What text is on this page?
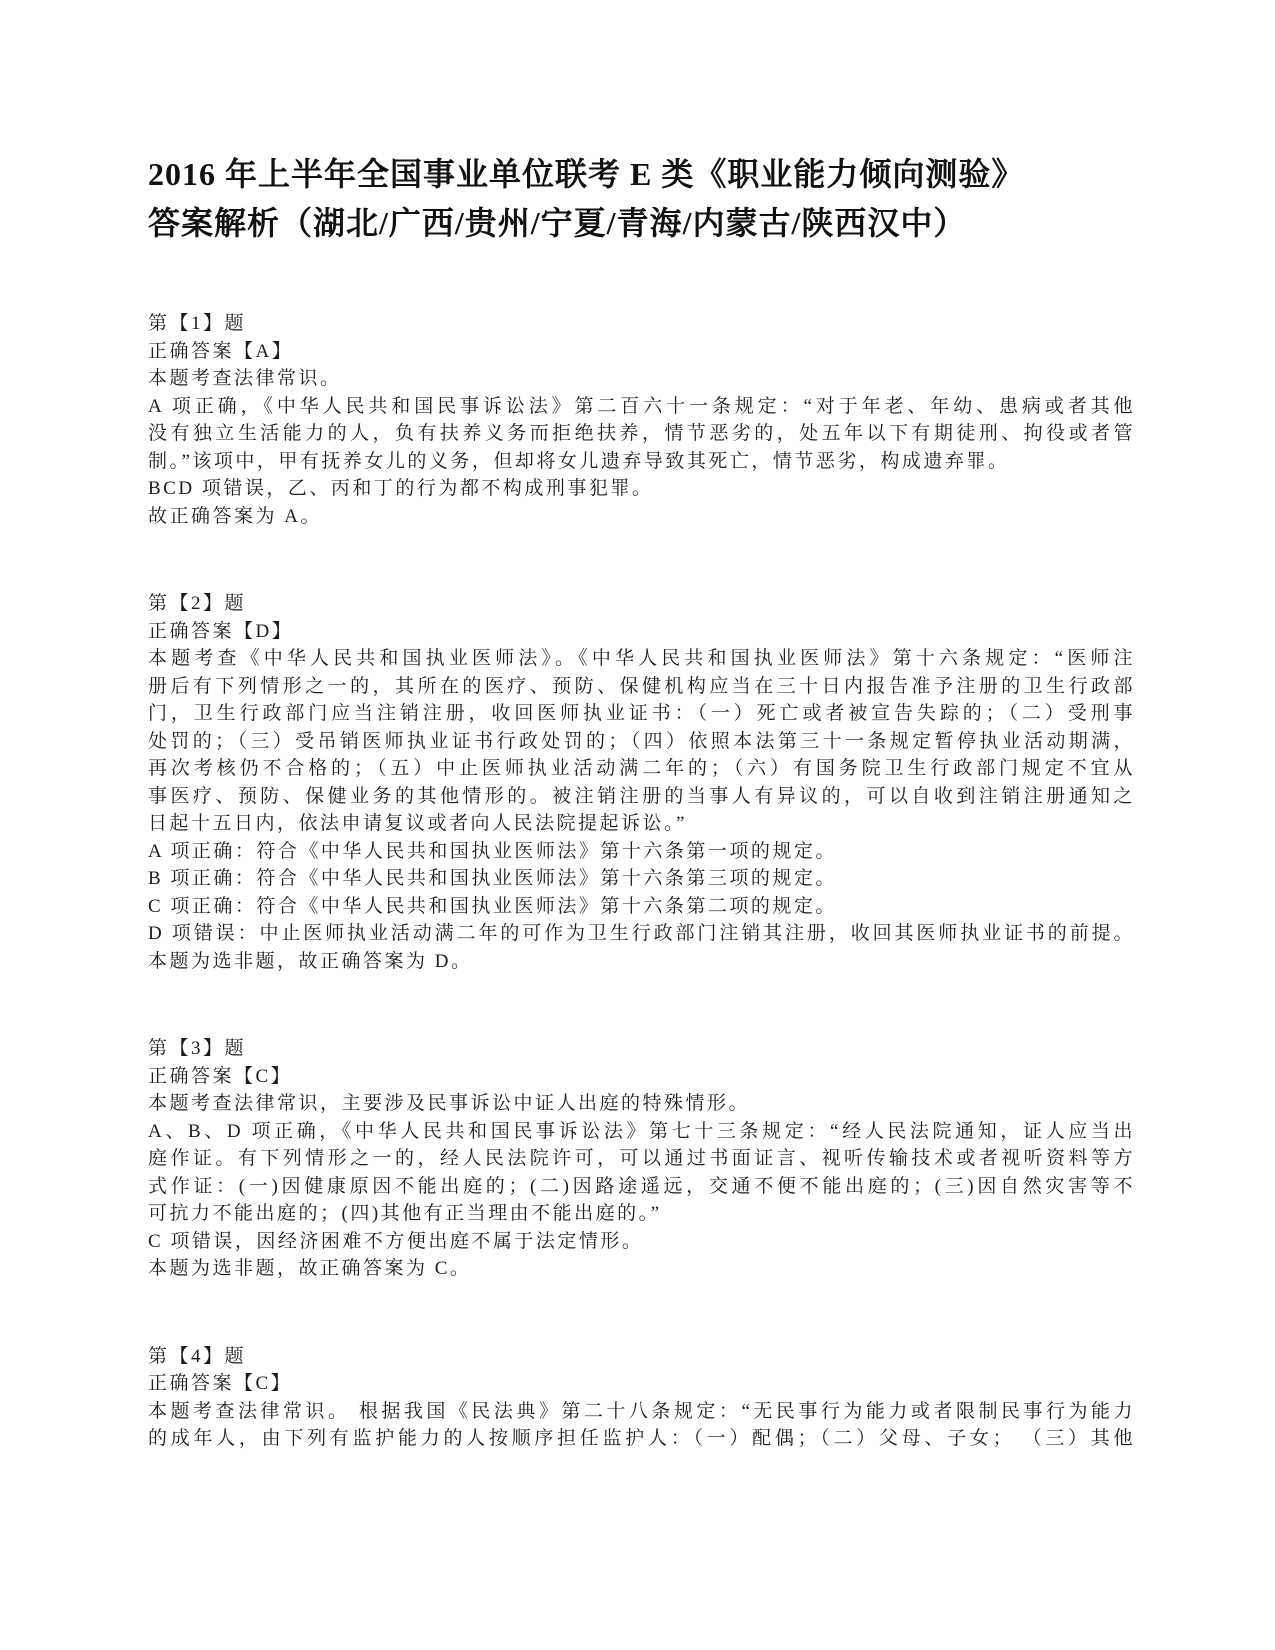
2016 年上半年全国事业单位联考 E 类《职业能力倾向测验》
答案解析（湖北/广西/贵州/宁夏/青海/内蒙古/陕西汉中）
第【1】题
正确答案【A】
本题考查法律常识。
A 项正确，《中华人民共和国民事诉讼法》第二百六十一条规定：“对于年老、年幼、患病或者其他
没有独立生活能力的人，负有扶养义务而拒绝扶养，情节恶劣的，处五年以下有期徒刑、拘役或者管
制。”该项中，甲有抚养女儿的义务，但却将女儿遗弃导致其死亡，情节恶劣，构成遗弃罪。
BCD 项错误，乙、丙和丁的行为都不构成刑事犯罪。
故正确答案为 A。
第【2】题
正确答案【D】
本题考查《中华人民共和国执业医师法》。《中华人民共和国执业医师法》第十六条规定：“医师注
册后有下列情形之一的，其所在的医疗、预防、保健机构应当在三十日内报告准予注册的卫生行政部
门，卫生行政部门应当注销注册，收回医师执业证书：（一）死亡或者被宣告失踪的；（二）受刑事
处罚的；（三）受吊销医师执业证书行政处罚的；（四）依照本法第三十一条规定暂停执业活动期满，
再次考核仍不合格的；（五）中止医师执业活动满二年的；（六）有国务院卫生行政部门规定不宜从
事医疗、预防、保健业务的其他情形的。被注销注册的当事人有异议的，可以自收到注销注册通知之
日起十五日内，依法申请复议或者向人民法院提起诉讼。”
A 项正确：符合《中华人民共和国执业医师法》第十六条第一项的规定。
B 项正确：符合《中华人民共和国执业医师法》第十六条第三项的规定。
C 项正确：符合《中华人民共和国执业医师法》第十六条第二项的规定。
D 项错误：中止医师执业活动满二年的可作为卫生行政部门注销其注册，收回其医师执业证书的前提。
本题为选非题，故正确答案为 D。
第【3】题
正确答案【C】
本题考查法律常识，主要涉及民事诉讼中证人出庭的特殊情形。
A、B、D 项正确，《中华人民共和国民事诉讼法》第七十三条规定：“经人民法院通知，证人应当出
庭作证。有下列情形之一的，经人民法院许可，可以通过书面证言、视听传输技术或者视听资料等方
式作证：(一)因健康原因不能出庭的；(二)因路途遥远，交通不便不能出庭的；(三)因自然灾害等不
可抗力不能出庭的；(四)其他有正当理由不能出庭的。”
C 项错误，因经济困难不方便出庭不属于法定情形。
本题为选非题，故正确答案为 C。
第【4】题
正确答案【C】
本题考查法律常识。 根据我国《民法典》第二十八条规定：“无民事行为能力或者限制民事行为能力
的成年人，由下列有监护能力的人按顺序担任监护人：（一）配偶；（二）父母、子女； （三）其他
